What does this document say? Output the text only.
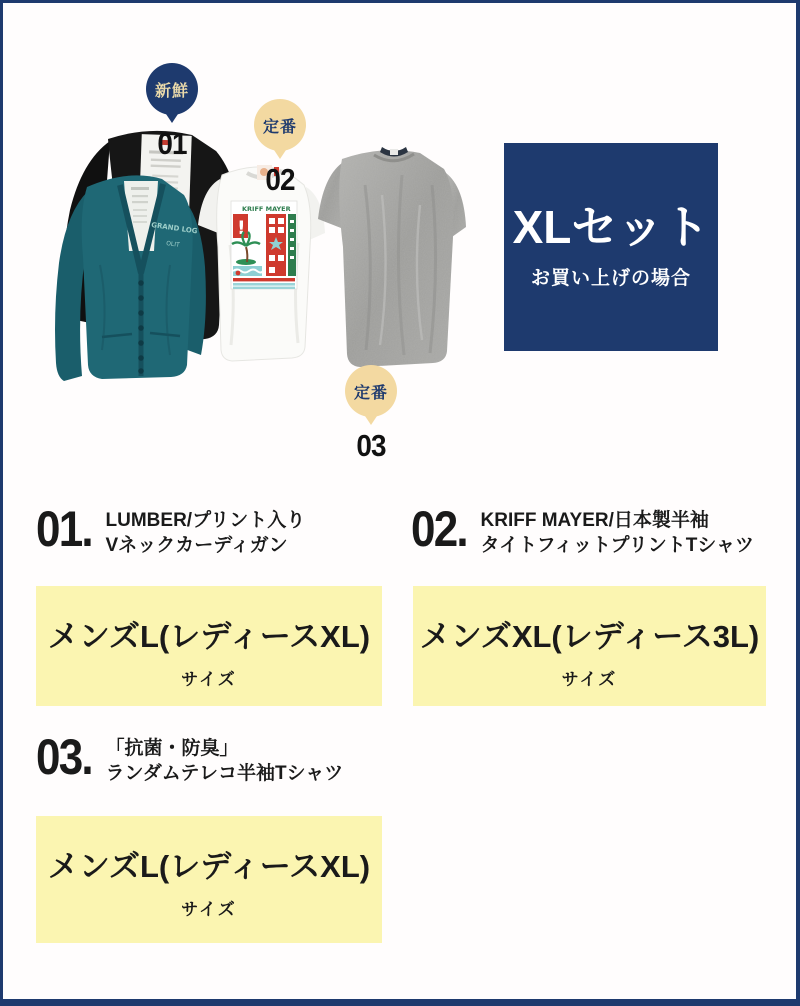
GRAND LOG
OLIT
KRIFF MAYER
!
新鮮
01	定番
02
定番
03
XLセット
お買い上げの場合
01. LUMBER/プリント入り
Vネックカーディガン	02. KRIFF MAYER/日本製半袖
タイトフィットプリントTシャツ
メンズL(レディースXL)
サイズ
メンズXL(レディース3L)
サイズ
03. 「抗菌・防臭」
ランダムテレコ半袖Tシャツ
メンズL(レディースXL)
サイズ
